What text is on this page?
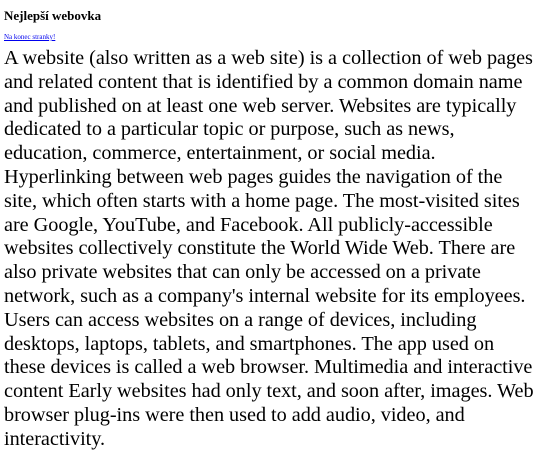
Nejlepší webovka
Na konec stranky!

A website (also written as a web site) is a collection of web pages and related content that is identified by a common domain name and published on at least one web server. Websites are typically dedicated to a particular topic or purpose, such as news, education, commerce, entertainment, or social media. Hyperlinking between web pages guides the navigation of the site, which often starts with a home page. The most-visited sites are Google, YouTube, and Facebook. All publicly-accessible websites collectively constitute the World Wide Web. There are also private websites that can only be accessed on a private network, such as a company's internal website for its employees. Users can access websites on a range of devices, including desktops, laptops, tablets, and smartphones. The app used on these devices is called a web browser. Multimedia and interactive content Early websites had only text, and soon after, images. Web browser plug-ins were then used to add audio, video, and interactivity.
